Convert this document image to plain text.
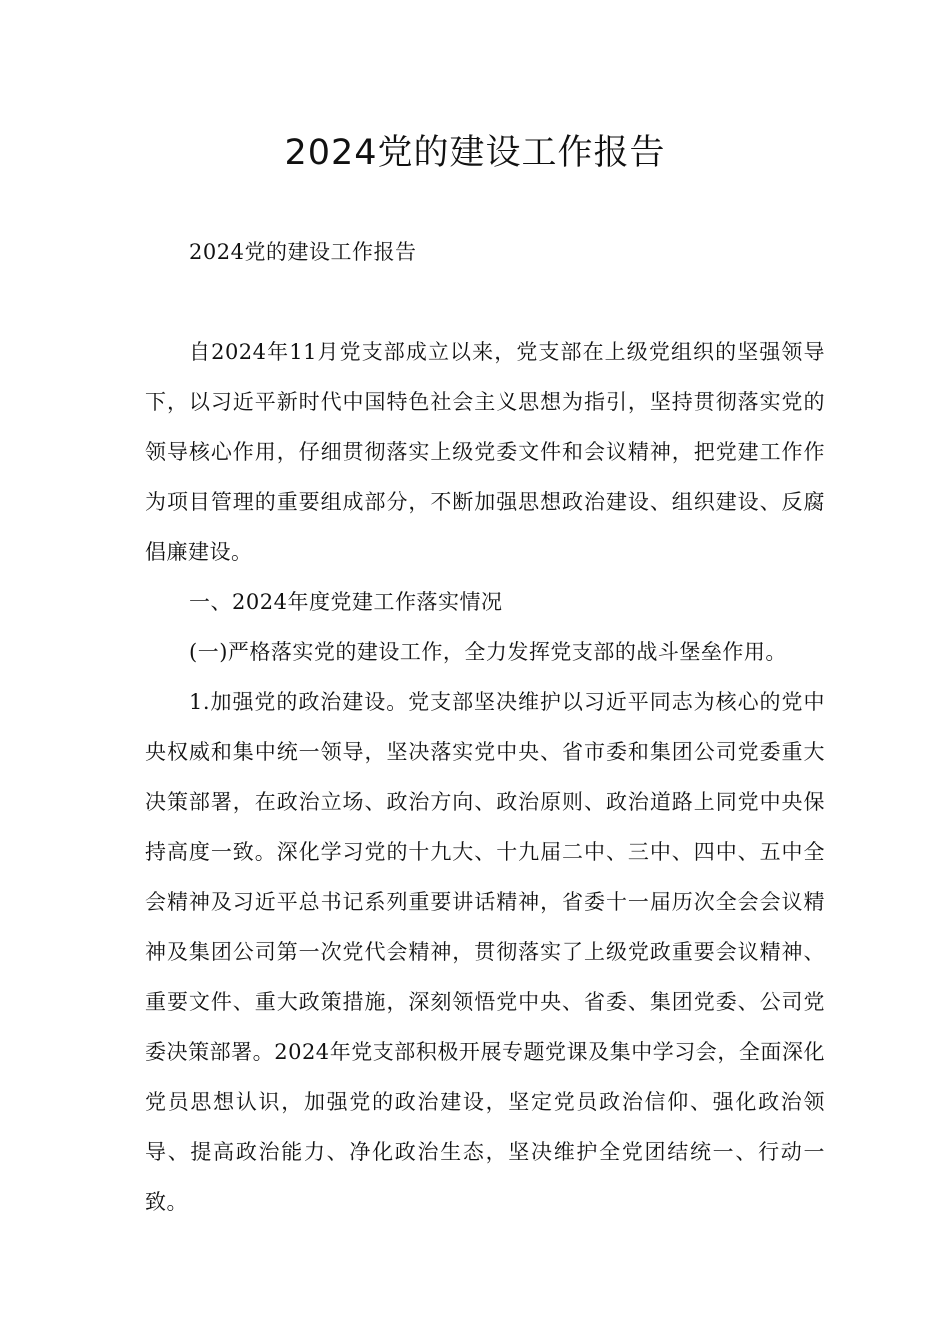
2024党的建设工作报告

2024党的建设工作报告

自2024年11月党支部成立以来，党支部在上级党组织的坚强领导下，以习近平新时代中国特色社会主义思想为指引，坚持贯彻落实党的领导核心作用，仔细贯彻落实上级党委文件和会议精神，把党建工作作为项目管理的重要组成部分，不断加强思想政治建设、组织建设、反腐倡廉建设。

一、2024年度党建工作落实情况

(一)严格落实党的建设工作，全力发挥党支部的战斗堡垒作用。

1.加强党的政治建设。党支部坚决维护以习近平同志为核心的党中央权威和集中统一领导，坚决落实党中央、省市委和集团公司党委重大决策部署，在政治立场、政治方向、政治原则、政治道路上同党中央保持高度一致。深化学习党的十九大、十九届二中、三中、四中、五中全会精神及习近平总书记系列重要讲话精神，省委十一届历次全会会议精神及集团公司第一次党代会精神，贯彻落实了上级党政重要会议精神、重要文件、重大政策措施，深刻领悟党中央、省委、集团党委、公司党委决策部署。2024年党支部积极开展专题党课及集中学习会，全面深化党员思想认识，加强党的政治建设，坚定党员政治信仰、强化政治领导、提高政治能力、净化政治生态，坚决维护全党团结统一、行动一致。
